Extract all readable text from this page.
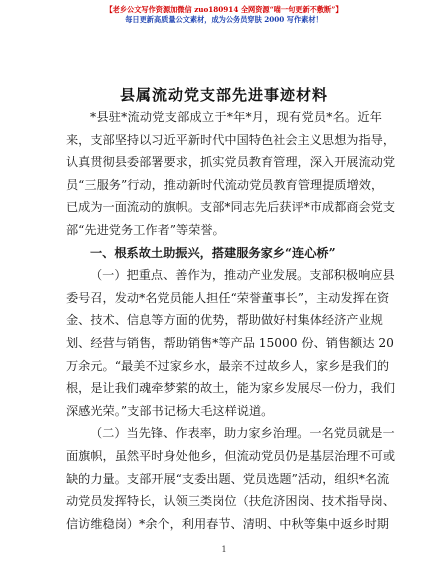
【老乡公文写作资源加微信 zuo180914 全网资源“喵一句更新不敷断”】
每日更新高质量公文素材，成为公务员穿肤 2000 写作素材！
县属流动党支部先进事迹材料
*县驻*流动党支部成立于*年*月，现有党员*名。近年
来，支部坚持以习近平新时代中国特色社会主义思想为指导，
认真贯彻县委部署要求，抓实党员教育管理，深入开展流动党
员“三服务”行动，推动新时代流动党员教育管理提质增效，
已成为一面流动的旗帜。支部*同志先后获评*市成都商会党支
部“先进党务工作者”等荣誉。
一、根系故土助振兴，搭建服务家乡“连心桥”
（一）把重点、善作为，推动产业发展。支部积极响应县
委号召，发动*名党员能人担任“荣誉董事长”，主动发挥在资
金、技术、信息等方面的优势，帮助做好村集体经济产业规
划、经营与销售，帮助销售*等产品 15000 份、销售额达 20
万余元。“最美不过家乡水，最亲不过故乡人，家乡是我们的
根，是让我们魂牵梦萦的故土，能为家乡发展尽一份力，我们
深感光荣。”支部书记杨大毛这样说道。
（二）当先锋、作表率，助力家乡治理。一名党员就是一
面旗帜，虽然平时身处他乡，但流动党员仍是基层治理不可或
缺的力量。支部开展“支委出题、党员选题”活动，组织*名流
动党员发挥特长，认领三类岗位（扶危济困岗、技术指导岗、
信访维稳岗）*余个，利用春节、清明、中秋等集中返乡时期
1
